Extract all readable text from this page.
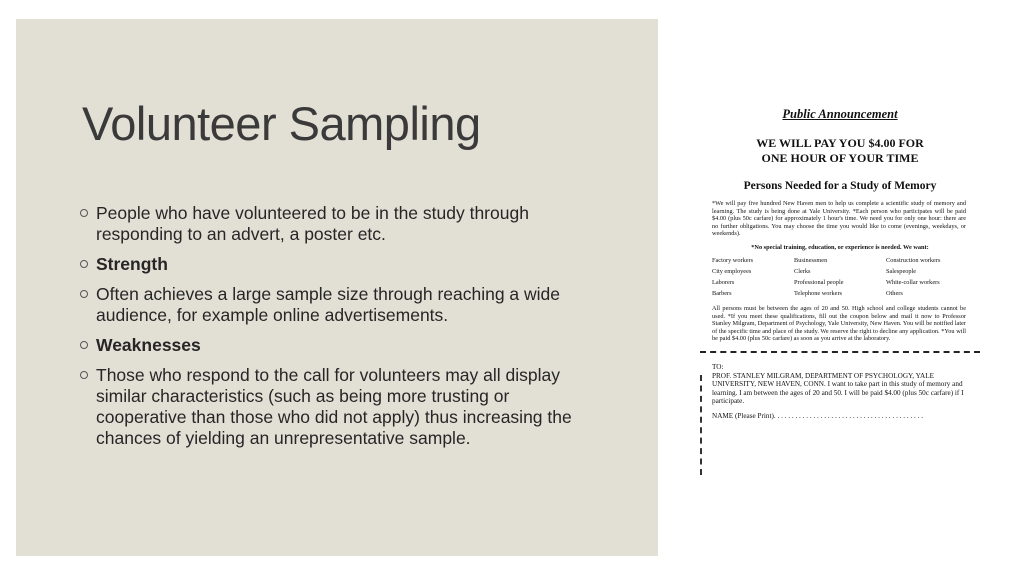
Volunteer Sampling
People who have volunteered to be in the study through responding to an advert, a poster etc.
Strength
Often achieves a large sample size through reaching a wide audience, for example online advertisements.
Weaknesses
Those who respond to the call for volunteers may all display similar characteristics (such as being more trusting or cooperative than those who did not apply) thus increasing the chances of yielding an unrepresentative sample.
Public Announcement
WE WILL PAY YOU $4.00 FOR
ONE HOUR OF YOUR TIME
Persons Needed for a Study of Memory
*We will pay five hundred New Haven men to help us complete a scientific study of memory and learning. The study is being done at Yale University. *Each person who participates will be paid $4.00 (plus 50c carfare) for approximately 1 hour's time. We need you for only one hour: there are no further obligations. You may choose the time you would like to come (evenings, weekdays, or weekends).
*No special training, education, or experience is needed. We want:
Factory workers	Businessmen	Construction workers
City employees	Clerks	Salespeople
Laborers	Professional people	White-collar workers
Barbers	Telephone workers	Others
All persons must be between the ages of 20 and 50. High school and college students cannot be used. *If you meet these qualifications, fill out the coupon below and mail it now to Professor Stanley Milgram, Department of Psychology, Yale University, New Haven. You will be notified later of the specific time and place of the study. We reserve the right to decline any application. *You will be paid $4.00 (plus 50c carfare) as soon as you arrive at the laboratory.
TO:
PROF. STANLEY MILGRAM, DEPARTMENT OF PSYCHOLOGY, YALE UNIVERSITY, NEW HAVEN, CONN. I want to take part in this study of memory and learning. I am between the ages of 20 and 50. I will be paid $4.00 (plus 50c carfare) if I participate.
NAME (Please Print). . . . . . . . . . . . . . . . . . . . . . . . . . . . . . . . . . . . . . . . . .
